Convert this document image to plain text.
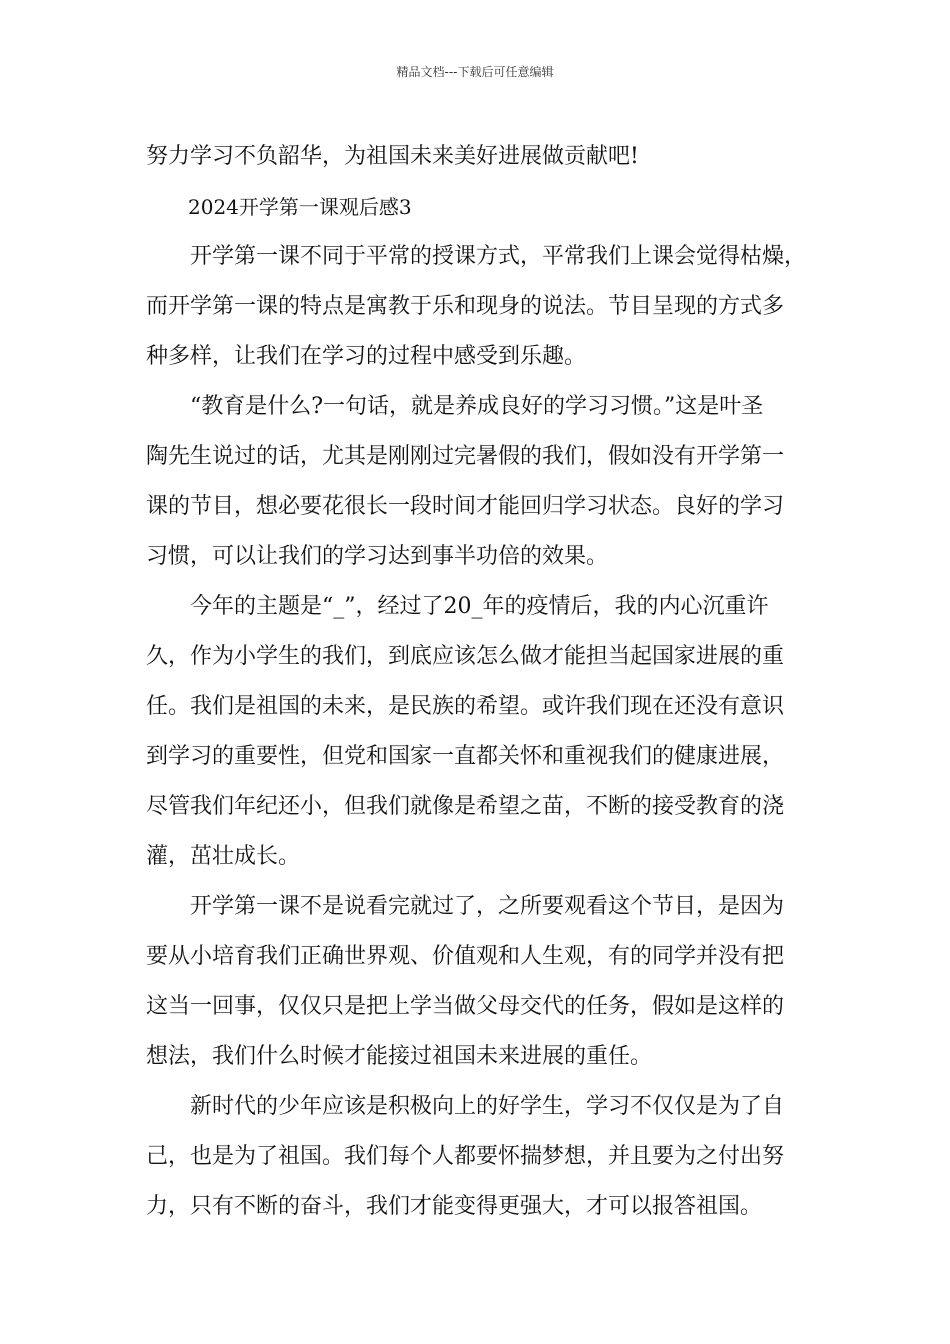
精品文档---下载后可任意编辑
努力学习不负韶华，为祖国未来美好进展做贡献吧!
2024开学第一课观后感3
开学第一课不同于平常的授课方式，平常我们上课会觉得枯燥，
而开学第一课的特点是寓教于乐和现身的说法。节目呈现的方式多
种多样，让我们在学习的过程中感受到乐趣。
“教育是什么?一句话，就是养成良好的学习习惯。”这是叶圣
陶先生说过的话，尤其是刚刚过完暑假的我们，假如没有开学第一
课的节目，想必要花很长一段时间才能回归学习状态。良好的学习
习惯，可以让我们的学习达到事半功倍的效果。
今年的主题是“_”，经过了20_年的疫情后，我的内心沉重许
久，作为小学生的我们，到底应该怎么做才能担当起国家进展的重
任。我们是祖国的未来，是民族的希望。或许我们现在还没有意识
到学习的重要性，但党和国家一直都关怀和重视我们的健康进展，
尽管我们年纪还小，但我们就像是希望之苗，不断的接受教育的浇
灌，茁壮成长。
开学第一课不是说看完就过了，之所要观看这个节目，是因为
要从小培育我们正确世界观、价值观和人生观，有的同学并没有把
这当一回事，仅仅只是把上学当做父母交代的任务，假如是这样的
想法，我们什么时候才能接过祖国未来进展的重任。
新时代的少年应该是积极向上的好学生，学习不仅仅是为了自
己，也是为了祖国。我们每个人都要怀揣梦想，并且要为之付出努
力，只有不断的奋斗，我们才能变得更强大，才可以报答祖国。
